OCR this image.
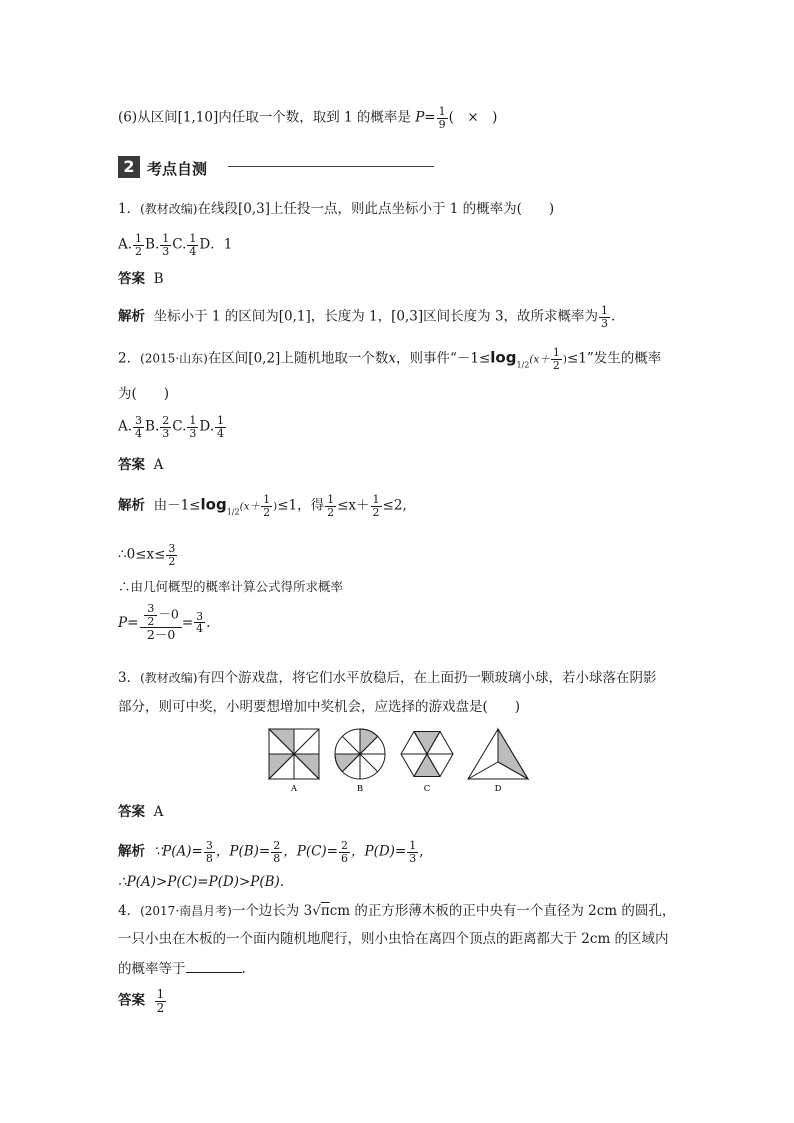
(6)从区间[1,10]内任取一个数，取到 1 的概率是 $P= \frac{1}{9}$ (　×　)
2 考点自测
1．(教材改编)在线段[0,3]上任投一点，则此点坐标小于 1 的概率为(　　)
A. $\frac{1}{2} B$. $\frac{1}{3} C$. $\frac{1}{4}$ D．1
答案 B
解析 坐标小于 1 的区间为[0,1]，长度为 1，[0,3]区间长度为 3，故所求概率为 $\frac{1}{3}$ .
2．(2015·山东)在区间[0,2]上随机地取一个数x，则事件“$-1\le\log_{1/2}(x+ \frac{1}{2} )\le 1$”发生的概率
为(　　)
A. $\frac{3}{4} B$. $\frac{2}{3} C$. $\frac{1}{3} D$. $\frac{1}{4}$
答案 A
解析 由$-1\le\log_{1/2}(x+ \frac{1}{2} )\le 1$，得 $\frac{1}{2} \le x+ \frac{1}{2} \le 2$,
∴0≤x≤ $\frac{3}{2}$
∴由几何概型的概率计算公式得所求概率
$P= \frac{\frac{3}{2} -0}{2-0} = \frac{3}{4}$ .
3．(教材改编)有四个游戏盘，将它们水平放稳后，在上面扔一颗玻璃小球，若小球落在阴影
部分，则可中奖，小明要想增加中奖机会，应选择的游戏盘是(　　)
A	B	C	D
答案 A
解析 ∵P(A)= $\frac{3}{8}$ ，$P(B)= \frac{2}{8}$ ，$P(C)= \frac{2}{6}$ ，$P(D)= \frac{1}{3}$ ,
∴P(A)>P(C)=P(D)>P(B).
4．(2017·南昌月考)一个边长为 3√πcm 的正方形薄木板的正中央有一个直径为 2cm 的圆孔，
一只小虫在木板的一个面内随机地爬行，则小虫恰在离四个顶点的距离都大于 2cm 的区域内
的概率等于	.
答案 $\frac{1}{2}$
